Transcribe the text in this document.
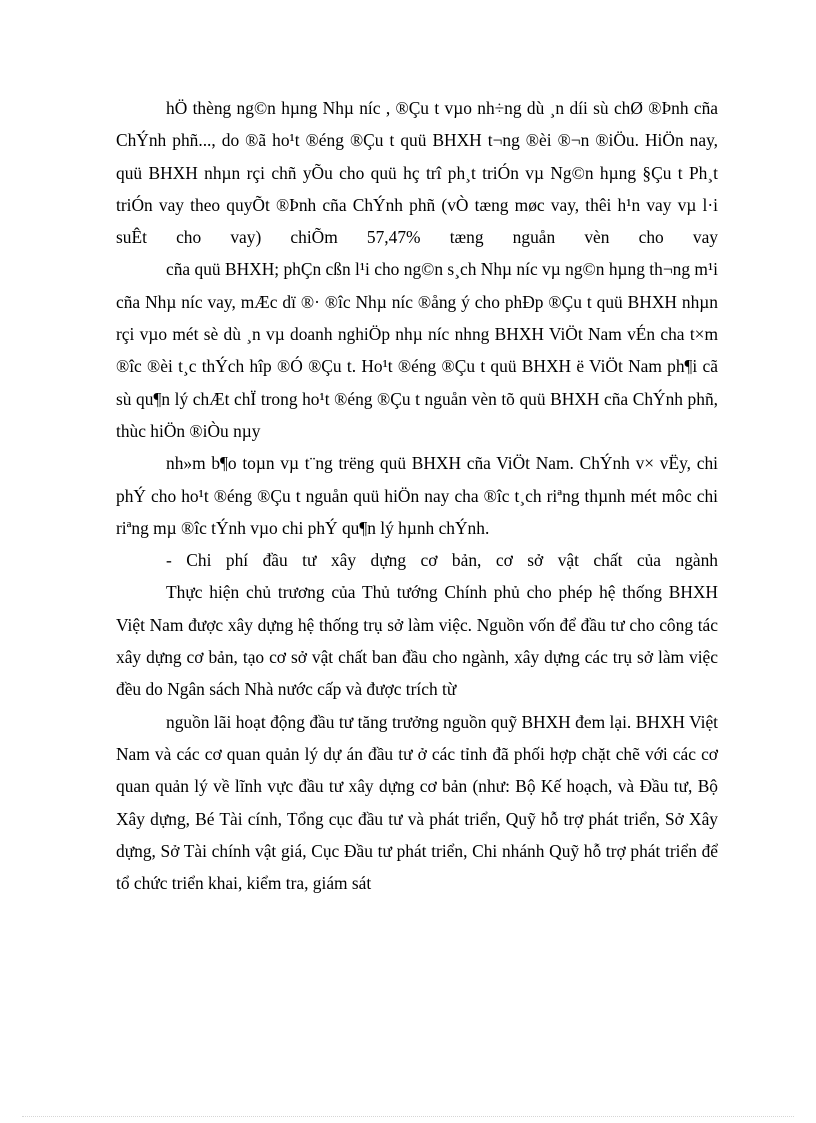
hÖ thèng ng©n hµng Nhµ níc , ®Çu t vµo nh÷ng dù ¸n díi sù chØ ®Þnh cña ChÝnh phñ..., do ®ã ho¹t ®éng ®Çu t quü BHXH t¬ng ®èi ®¬n ®iÖu. HiÖn nay, quü BHXH nhµn rçi chñ yÕu cho quü hç trî ph¸t triÓn vµ Ng©n hµng §Çu t Ph¸t triÓn vay theo quyÕt ®Þnh cña ChÝnh phñ (vÒ tæng møc vay, thêi h¹n vay vµ l·i suÊt cho vay) chiÕm 57,47% tæng nguån vèn cho vay

cña quü BHXH; phÇn cßn l¹i cho ng©n s¸ch Nhµ níc vµ ng©n hµng th¬ng m¹i cña Nhµ níc vay, mÆc dï ®· ®îc Nhµ níc ®ång ý cho phÐp ®Çu t quü BHXH nhµn rçi vµo mét sè dù ¸n vµ doanh nghiÖp nhµ níc nhng BHXH ViÖt Nam vÉn cha t×m ®îc ®èi t¸c thÝch hîp ®Ó ®Çu t. Ho¹t ®éng ®Çu t quü BHXH ë ViÖt Nam ph¶i cã sù qu¶n lý chÆt chÏ trong ho¹t ®éng ®Çu t nguån vèn tõ quü BHXH cña ChÝnh phñ, thùc hiÖn ®iÒu nµy

nh»m b¶o toµn vµ t¨ng trëng quü BHXH cña ViÖt Nam. ChÝnh v× vËy, chi phÝ cho ho¹t ®éng ®Çu t nguån quü hiÖn nay cha ®îc t¸ch riªng thµnh mét môc chi riªng mµ ®îc tÝnh vµo chi phÝ qu¶n lý hµnh chÝnh.

- Chi phí đầu tư xây dựng cơ bản, cơ sở vật chất của ngành

Thực hiện chủ trương của Thủ tướng Chính phủ cho phép hệ thống BHXH Việt Nam được xây dựng hệ thống trụ sở làm việc. Nguồn vốn để đầu tư cho công tác xây dựng cơ bản, tạo cơ sở vật chất ban đầu cho ngành, xây dựng các trụ sở làm việc đều do Ngân sách Nhà nước cấp và được trích từ

nguồn lãi hoạt động đầu tư tăng trưởng nguồn quỹ BHXH đem lại. BHXH Việt Nam và các cơ quan quản lý dự án đầu tư ở các tỉnh đã phối hợp chặt chẽ với các cơ quan quản lý về lĩnh vực đầu tư xây dựng cơ bản (như: Bộ Kế hoạch, và Đầu tư, Bộ Xây dựng, Bé Tài cính, Tổng cục đầu tư và phát triển, Quỹ hỗ trợ phát triển, Sở Xây dựng, Sở Tài chính vật giá, Cục Đầu tư phát triển, Chi nhánh Quỹ hỗ trợ phát triển để tổ chức triển khai, kiểm tra, giám sát
